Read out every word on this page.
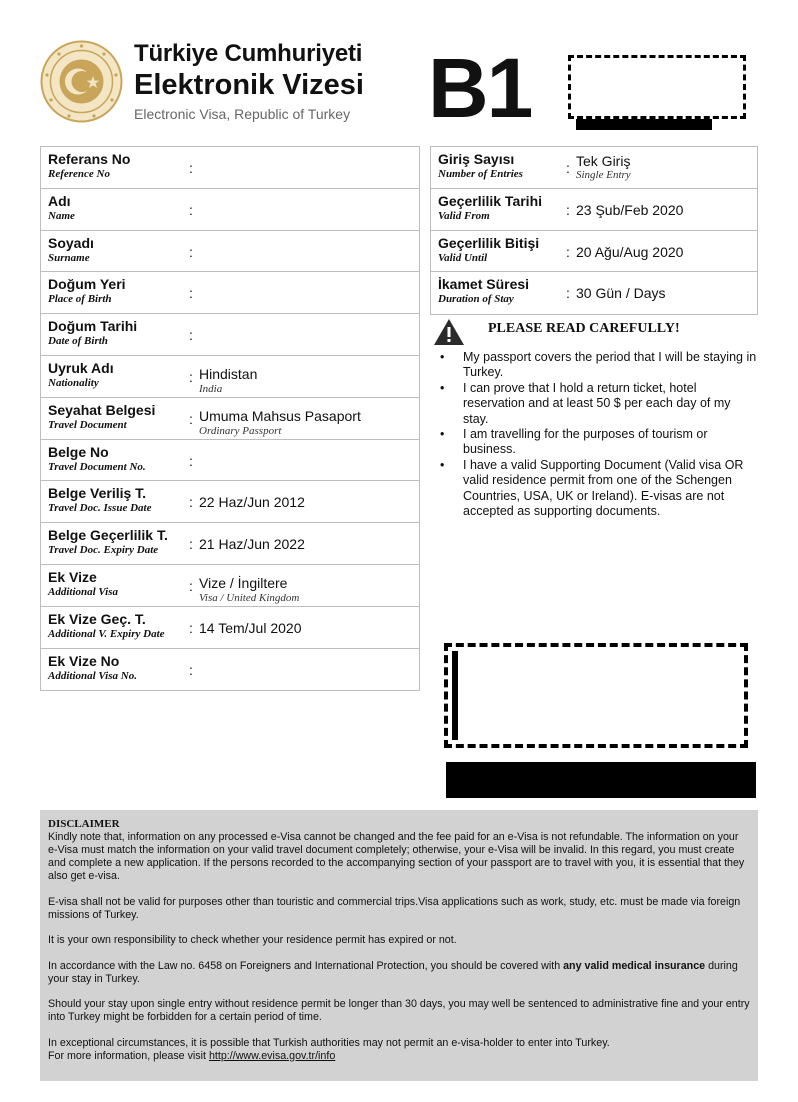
Türkiye Cumhuriyeti
Elektronik Vizesi
Electronic Visa, Republic of Turkey B1
Referans No
Reference No	:
Adı
Name	:
Soyadı
Surname	:
Doğum Yeri
Place of Birth	:
Doğum Tarihi
Date of Birth	:
Uyruk Adı
Nationality	: Hindistan
India
Seyahat Belgesi
Travel Document	: Umuma Mahsus Pasaport
Ordinary Passport
Belge No
Travel Document No.	:
Belge Veriliş T.
Travel Doc. Issue Date	: 22 Haz/Jun 2012
Belge Geçerlilik T.
Travel Doc. Expiry Date	: 21 Haz/Jun 2022
Ek Vize
Additional Visa	: Vize / İngiltere
Visa / United Kingdom
Ek Vize Geç. T.
Additional V. Expiry Date : 14 Tem/Jul 2020
Ek Vize No
Additional Visa No.	:
Giriş Sayısı
Number of Entries	: Tek Giriş
Single Entry
Geçerlilik Tarihi
Valid From	: 23 Şub/Feb 2020
Geçerlilik Bitişi
Valid Until	: 20 Ağu/Aug 2020
İkamet Süresi
Duration of Stay	: 30 Gün / Days
PLEASE READ CAREFULLY!
• My passport covers the period that I will be staying in Turkey.
• I can prove that I hold a return ticket, hotel reservation and at least 50 $ per each day of my stay.
• I am travelling for the purposes of tourism or business.
• I have a valid Supporting Document (Valid visa OR valid residence permit from one of the Schengen Countries, USA, UK or Ireland). E-visas are not accepted as supporting documents.
DISCLAIMER
Kindly note that, information on any processed e-Visa cannot be changed and the fee paid for an e-Visa is not refundable. The information on your e-Visa must match the information on your valid travel document completely; otherwise, your e-Visa will be invalid. In this regard, you must create and complete a new application. If the persons recorded to the accompanying section of your passport are to travel with you, it is essential that they also get e-visa.
E-visa shall not be valid for purposes other than touristic and commercial trips.Visa applications such as work, study, etc. must be made via foreign missions of Turkey.
It is your own responsibility to check whether your residence permit has expired or not.
In accordance with the Law no. 6458 on Foreigners and International Protection, you should be covered with any valid medical insurance during your stay in Turkey.
Should your stay upon single entry without residence permit be longer than 30 days, you may well be sentenced to administrative fine and your entry into Turkey might be forbidden for a certain period of time.
In exceptional circumstances, it is possible that Turkish authorities may not permit an e-visa-holder to enter into Turkey.
For more information, please visit http://www.evisa.gov.tr/info
